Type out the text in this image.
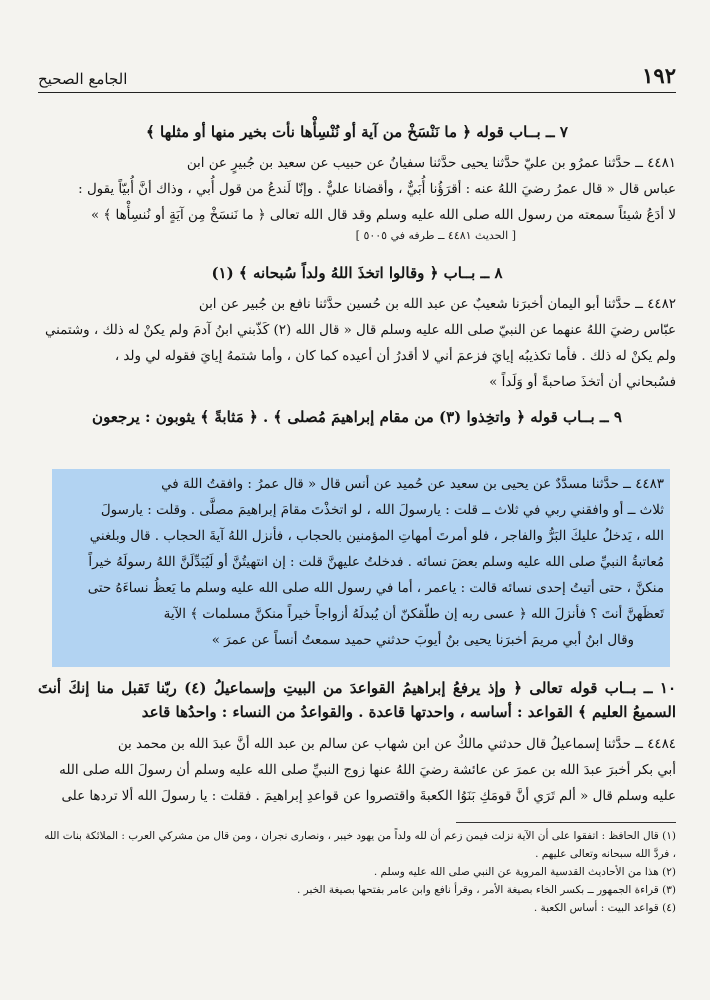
١٩٢
الجامع الصحيح

٧ ــ بــاب قوله ﴿ ما نَنْسَخْ من آية أو نُنْسِأْها نأت بخير منها أو مثلها ﴾

٤٤٨١ ــ حدَّثنا عمرُو بن عليّ حدَّثنا يحيى حدَّثنا سفيانُ عن حبيب عن سعيد بن جُبيرٍ عن ابن

عباس قال « قال عمرُ رضيَ اللهُ عنه : أقرَؤُنا أُبَيٌّ ، وأقضانا عليٌّ . وإنّا لَندعُ من قول أُبي ، وذاك أنَّ أُبيّاً يقول :

لا أدَعُ شيئاً سمعته من رسول الله صلى الله عليه وسلم وقد قال الله تعالى ﴿ ما نَنسَخْ مِن آيَةٍ أو نُنسِأْها ﴾ »

[ الحديث ٤٤٨١ ــ طرفه في ٥٠٠٥ ]

٨ ــ بــاب ﴿ وقالوا اتخذَ اللهُ ولداً سُبحانه ﴾ (١)

٤٤٨٢ ــ حدَّثنا أبو اليمان أخبرَنا شعيبٌ عن عبد الله بن حُسين حدَّثنا نافع بن جُبير عن ابن

عبّاس رضيَ اللهُ عنهما عن النبيّ صلى الله عليه وسلم قال « قال الله (٢) كَذّبني ابنُ آدمَ ولم يكنْ له ذلك ، وشتمني

ولم يكنْ له ذلك . فأما تكذيبُه إيايَ فزعمَ أني لا أقدرُ أن أعيده كما كان ، وأما شتمهُ إيايَ فقوله لي ولد ،

فسُبحاني أن أتخذَ صاحبةً أو وَلَداً »

٩ ــ بــاب قوله ﴿ واتخِذوا (٣) من مقام إبراهيمَ مُصلى ﴾ . ﴿ مَثابةً ﴾ يثوبون : يرجعون

٤٤٨٣ ــ حدَّثنا مسدَّدٌ عن يحيى بن سعيد عن حُميد عن أنس قال « قال عمرُ : وافقتُ اللهَ في

ثلاث ــ أو وافقني ربي في ثلاث ــ قلت : يارسولَ الله ، لو اتخذْتَ مقامَ إبراهيمَ مصلَّى . وقلت : يارسولَ

الله ، يَدخلُ عليكَ البَرُّ والفاجر ، فلو أمرتَ أمهاتِ المؤمنين بالحجاب ، فأنزل اللهُ آيةَ الحجاب . قال وبلغني

مُعاتبةُ النبيِّ صلى الله عليه وسلم بعضَ نسائه . فدخلتُ عليهنَّ قلت : إن انتهيتُنَّ أو لَيُبَدِّلَنَّ اللهُ رسولَهُ خيراً

منكنَّ ، حتى أتيتُ إحدى نسائه قالت : ياعمر ، أما في رسول الله صلى الله عليه وسلم ما يَعظُ نساءَهُ حتى

تَعظَهنَّ أنتَ ؟ فأنزلَ الله ﴿ عسى ربه إن طلّقكنّ أن يُبدلَهُ أزواجاً خيراً منكنَّ مسلمات ﴾ الآية

وقال ابنُ أبي مريمَ أخبرَنا يحيى بنُ أيوبَ حدثني حميد سمعتُ أنساً عن عمرَ »

١٠ ــ بــاب قوله تعالى ﴿ وإذ يرفعُ إبراهيمُ القواعدَ من البيتِ وإسماعيلُ (٤) ربّنا تَقبل منا إنكَ أنتَ السميعُ العليم ﴾ القواعد : أساسه ، واحدتها قاعدة . والقواعدُ من النساء : واحدُها قاعد

٤٤٨٤ ــ حدَّثنا إسماعيلُ قال حدثني مالكٌ عن ابن شهاب عن سالم بن عبد الله أنَّ عبدَ الله بن محمد بن

أبي بكر أخبرَ عبدَ الله بن عمرَ عن عائشة رضيَ اللهُ عنها زوج النبيِّ صلى الله عليه وسلم أن رسولَ الله صلى الله

عليه وسلم قال « ألم تَرَي أنَّ قومَكِ بَنَوُا الكعبةَ واقتصروا عن قواعدِ إبراهيمَ . فقلت : يا رسولَ الله ألا تردها على

(١) قال الحافظ : اتفقوا على أن الآية نزلت فيمن زعم أن لله ولداً من يهود خيبر ، ونصارى نجران ، ومن قال من مشركي العرب : الملائكة بنات الله ، فردَّ الله سبحانه وتعالى عليهم .

(٢) هذا من الأحاديث القدسية المروية عن النبي صلى الله عليه وسلم .

(٣) قراءة الجمهور ــ بكسر الخاء بصيغة الأمر ، وقرأ نافع وابن عامر بفتحها بصيغة الخبر .

(٤) قواعد البيت : أساس الكعبة .
